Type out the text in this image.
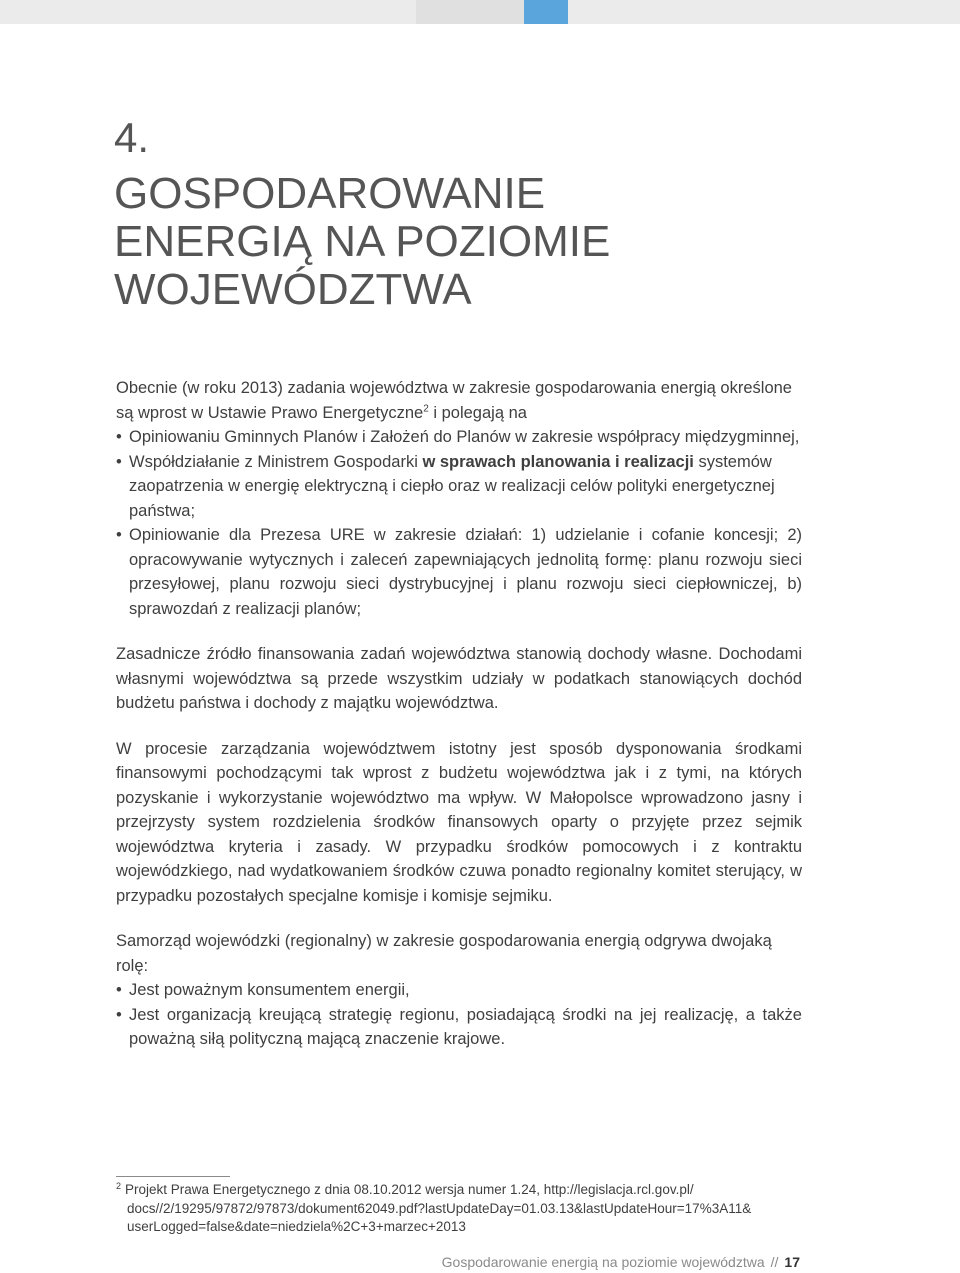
4.
GOSPODAROWANIE
ENERGIĄ NA POZIOMIE
WOJEWÓDZTWA

Obecnie (w roku 2013) zadania województwa w zakresie gospodarowania energią określone są wprost w Ustawie Prawo Energetyczne$^2$ i polegają na

• Opiniowaniu Gminnych Planów i Założeń do Planów w zakresie współpracy międzygminnej,
• Współdziałanie z Ministrem Gospodarki w sprawach planowania i realizacji systemów zaopatrzenia w energię elektryczną i ciepło oraz w realizacji celów polityki energetycznej państwa;
• Opiniowanie dla Prezesa URE w zakresie działań: 1) udzielanie i cofanie koncesji; 2) opracowywanie wytycznych i zaleceń zapewniających jednolitą formę: planu rozwoju sieci przesyłowej, planu rozwoju sieci dystrybucyjnej i planu rozwoju sieci ciepłowniczej, b) sprawozdań z realizacji planów;

Zasadnicze źródło finansowania zadań województwa stanowią dochody własne. Dochodami własnymi województwa są przede wszystkim udziały w podatkach stanowiących dochód budżetu państwa i dochody z majątku województwa.

W procesie zarządzania województwem istotny jest sposób dysponowania środkami finansowymi pochodzącymi tak wprost z budżetu województwa jak i z tymi, na których pozyskanie i wykorzystanie województwo ma wpływ. W Małopolsce wprowadzono jasny i przejrzysty system rozdzielenia środków finansowych oparty o przyjęte przez sejmik województwa kryteria i zasady. W przypadku środków pomocowych i z kontraktu wojewódzkiego, nad wydatkowaniem środków czuwa ponadto regionalny komitet sterujący, w przypadku pozostałych specjalne komisje i komisje sejmiku.

Samorząd wojewódzki (regionalny) w zakresie gospodarowania energią odgrywa dwojaką rolę:

• Jest poważnym konsumentem energii,
• Jest organizacją kreującą strategię regionu, posiadającą środki na jej realizację, a także poważną siłą polityczną mającą znaczenie krajowe.
$^2$ Projekt Prawa Energetycznego z dnia 08.10.2012 wersja numer 1.24, http://legislacja.rcl.gov.pl/
docs//2/19295/97872/97873/dokument62049.pdf?lastUpdateDay=01.03.13&lastUpdateHour=17%3A11&
userLogged=false&date=niedziela%2C+3+marzec+2013
Gospodarowanie energią na poziomie województwa // 17
